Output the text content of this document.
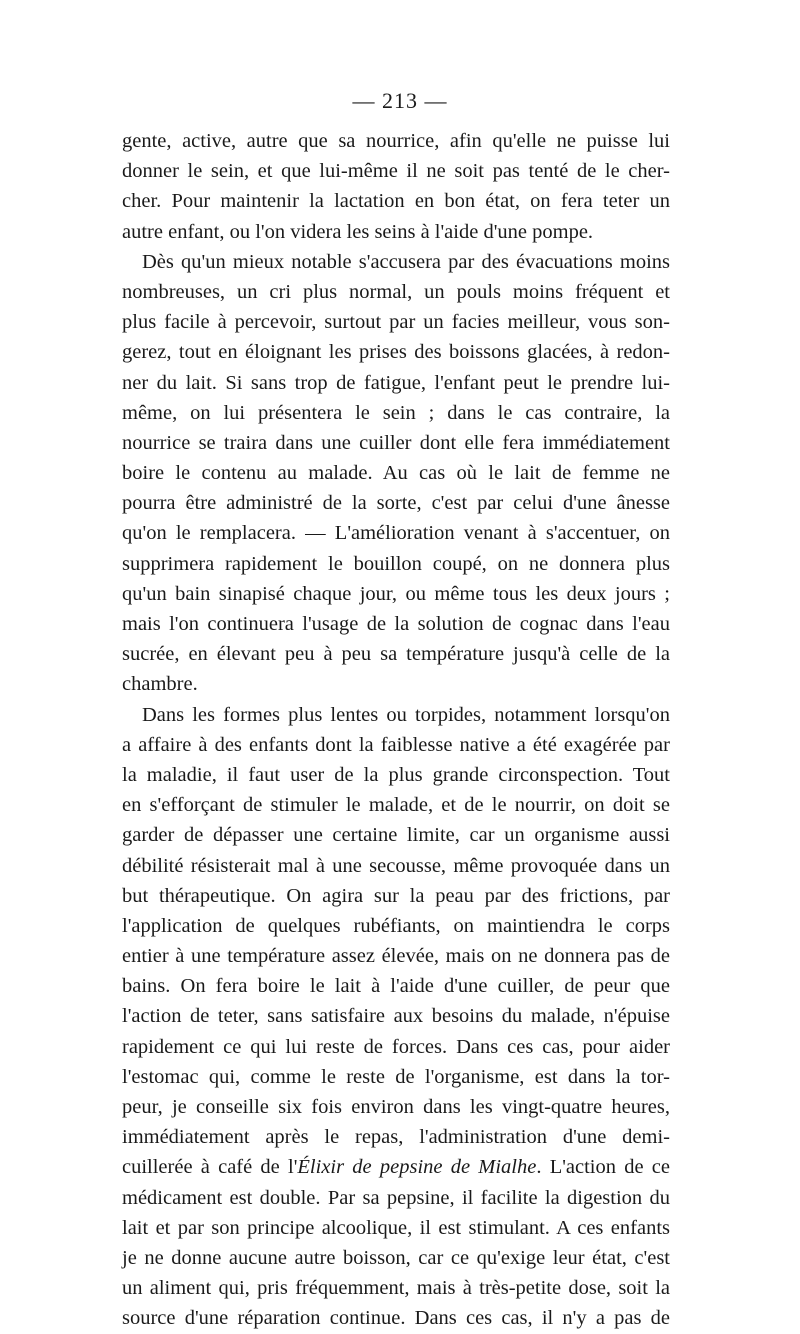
— 213 —
gente, active, autre que sa nourrice, afin qu'elle ne puisse lui
donner le sein, et que lui-même il ne soit pas tenté de le cher-
cher. Pour maintenir la lactation en bon état, on fera teter un
autre enfant, ou l'on videra les seins à l'aide d'une pompe.
Dès qu'un mieux notable s'accusera par des évacuations moins
nombreuses, un cri plus normal, un pouls moins fréquent et
plus facile à percevoir, surtout par un facies meilleur, vous son-
gerez, tout en éloignant les prises des boissons glacées, à redon-
ner du lait. Si sans trop de fatigue, l'enfant peut le prendre lui-
même, on lui présentera le sein ; dans le cas contraire, la
nourrice se traira dans une cuiller dont elle fera immédiatement
boire le contenu au malade. Au cas où le lait de femme ne
pourra être administré de la sorte, c'est par celui d'une ânesse
qu'on le remplacera. — L'amélioration venant à s'accentuer, on
supprimera rapidement le bouillon coupé, on ne donnera plus
qu'un bain sinapisé chaque jour, ou même tous les deux jours ;
mais l'on continuera l'usage de la solution de cognac dans l'eau
sucrée, en élevant peu à peu sa température jusqu'à celle de la
chambre.
Dans les formes plus lentes ou torpides, notamment lorsqu'on
a affaire à des enfants dont la faiblesse native a été exagérée par
la maladie, il faut user de la plus grande circonspection. Tout
en s'efforçant de stimuler le malade, et de le nourrir, on doit se
garder de dépasser une certaine limite, car un organisme aussi
débilité résisterait mal à une secousse, même provoquée dans un
but thérapeutique. On agira sur la peau par des frictions, par
l'application de quelques rubéfiants, on maintiendra le corps
entier à une température assez élevée, mais on ne donnera pas de
bains. On fera boire le lait à l'aide d'une cuiller, de peur que
l'action de teter, sans satisfaire aux besoins du malade, n'épuise
rapidement ce qui lui reste de forces. Dans ces cas, pour aider
l'estomac qui, comme le reste de l'organisme, est dans la tor-
peur, je conseille six fois environ dans les vingt-quatre heures,
immédiatement après le repas, l'administration d'une demi-
cuillerée à café de l'Élixir de pepsine de Mialhe. L'action de ce
médicament est double. Par sa pepsine, il facilite la digestion du
lait et par son principe alcoolique, il est stimulant. A ces enfants
je ne donne aucune autre boisson, car ce qu'exige leur état, c'est
un aliment qui, pris fréquemment, mais à très-petite dose, soit la
source d'une réparation continue. Dans ces cas, il n'y a pas de
